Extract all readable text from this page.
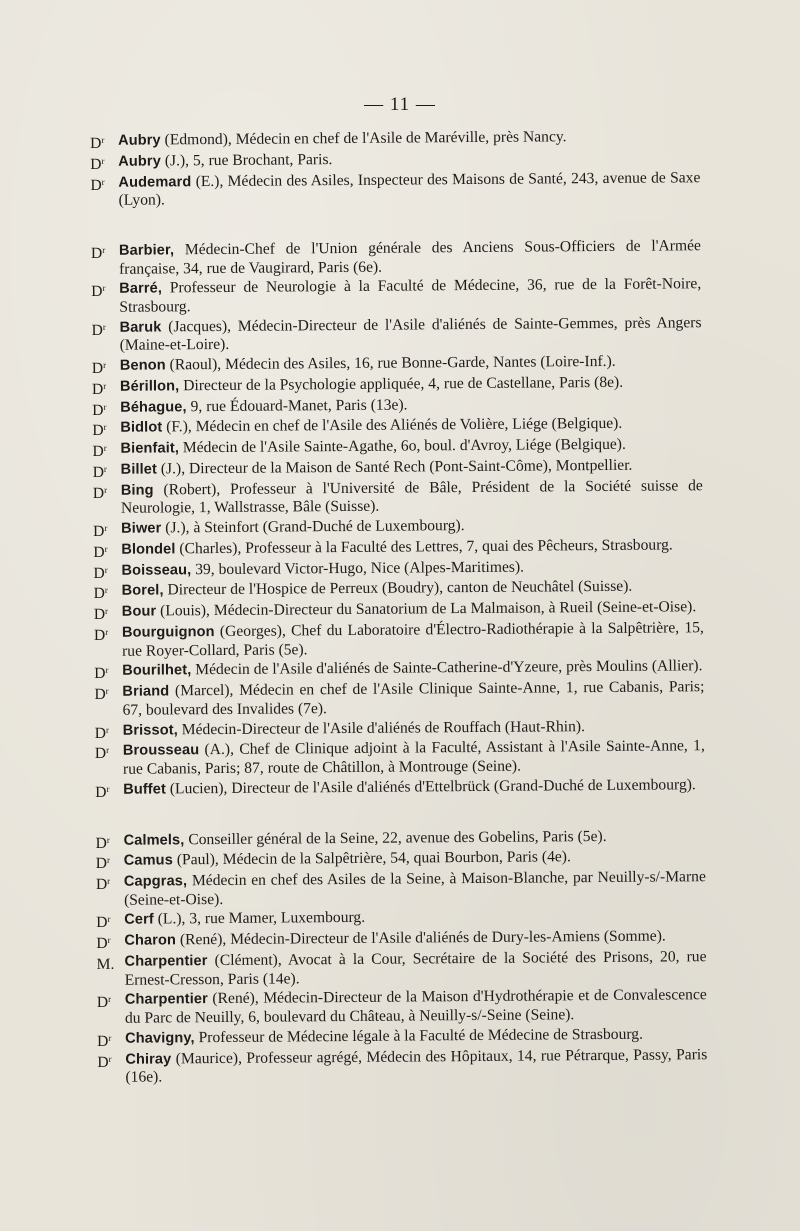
— 11 —

$D^r$ Aubry (Edmond), Médecin en chef de l'Asile de Maréville, près Nancy.

$D^r$ Aubry (J.), 5, rue Brochant, Paris.

$D^r$ Audemard (E.), Médecin des Asiles, Inspecteur des Maisons de Santé, 243, avenue de Saxe (Lyon).

$D^r$ Barbier, Médecin-Chef de l'Union générale des Anciens Sous-Officiers de l'Armée française, 34, rue de Vaugirard, Paris (6e).

$D^r$ Barré, Professeur de Neurologie à la Faculté de Médecine, 36, rue de la Forêt-Noire, Strasbourg.

$D^r$ Baruk (Jacques), Médecin-Directeur de l'Asile d'aliénés de Sainte-Gemmes, près Angers (Maine-et-Loire).

$D^r$ Benon (Raoul), Médecin des Asiles, 16, rue Bonne-Garde, Nantes (Loire-Inf.).

$D^r$ Bérillon, Directeur de la Psychologie appliquée, 4, rue de Castellane, Paris (8e).

$D^r$ Béhague, 9, rue Édouard-Manet, Paris (13e).

$D^r$ Bidlot (F.), Médecin en chef de l'Asile des Aliénés de Volière, Liége (Belgique).

$D^r$ Bienfait, Médecin de l'Asile Sainte-Agathe, 6o, boul. d'Avroy, Liége (Belgique).

$D^r$ Billet (J.), Directeur de la Maison de Santé Rech (Pont-Saint-Côme), Montpellier.

$D^r$ Bing (Robert), Professeur à l'Université de Bâle, Président de la Société suisse de Neurologie, 1, Wallstrasse, Bâle (Suisse).

$D^r$ Biwer (J.), à Steinfort (Grand-Duché de Luxembourg).

$D^r$ Blondel (Charles), Professeur à la Faculté des Lettres, 7, quai des Pêcheurs, Strasbourg.

$D^r$ Boisseau, 39, boulevard Victor-Hugo, Nice (Alpes-Maritimes).

$D^r$ Borel, Directeur de l'Hospice de Perreux (Boudry), canton de Neuchâtel (Suisse).

$D^r$ Bour (Louis), Médecin-Directeur du Sanatorium de La Malmaison, à Rueil (Seine-et-Oise).

$D^r$ Bourguignon (Georges), Chef du Laboratoire d'Électro-Radiothérapie à la Salpêtrière, 15, rue Royer-Collard, Paris (5e).

$D^r$ Bourilhet, Médecin de l'Asile d'aliénés de Sainte-Catherine-d'Yzeure, près Moulins (Allier).

$D^r$ Briand (Marcel), Médecin en chef de l'Asile Clinique Sainte-Anne, 1, rue Cabanis, Paris; 67, boulevard des Invalides (7e).

$D^r$ Brissot, Médecin-Directeur de l'Asile d'aliénés de Rouffach (Haut-Rhin).

$D^r$ Brousseau (A.), Chef de Clinique adjoint à la Faculté, Assistant à l'Asile Sainte-Anne, 1, rue Cabanis, Paris; 87, route de Châtillon, à Montrouge (Seine).

$D^r$ Buffet (Lucien), Directeur de l'Asile d'aliénés d'Ettelbrück (Grand-Duché de Luxembourg).

$D^r$ Calmels, Conseiller général de la Seine, 22, avenue des Gobelins, Paris (5e).

$D^r$ Camus (Paul), Médecin de la Salpêtrière, 54, quai Bourbon, Paris (4e).

$D^r$ Capgras, Médecin en chef des Asiles de la Seine, à Maison-Blanche, par Neuilly-s/-Marne (Seine-et-Oise).

$D^r$ Cerf (L.), 3, rue Mamer, Luxembourg.

$D^r$ Charon (René), Médecin-Directeur de l'Asile d'aliénés de Dury-les-Amiens (Somme).

M. Charpentier (Clément), Avocat à la Cour, Secrétaire de la Société des Prisons, 20, rue Ernest-Cresson, Paris (14e).

$D^r$ Charpentier (René), Médecin-Directeur de la Maison d'Hydrothérapie et de Convalescence du Parc de Neuilly, 6, boulevard du Château, à Neuilly-s/-Seine (Seine).

$D^r$ Chavigny, Professeur de Médecine légale à la Faculté de Médecine de Strasbourg.

$D^r$ Chiray (Maurice), Professeur agrégé, Médecin des Hôpitaux, 14, rue Pétrarque, Passy, Paris (16e).
